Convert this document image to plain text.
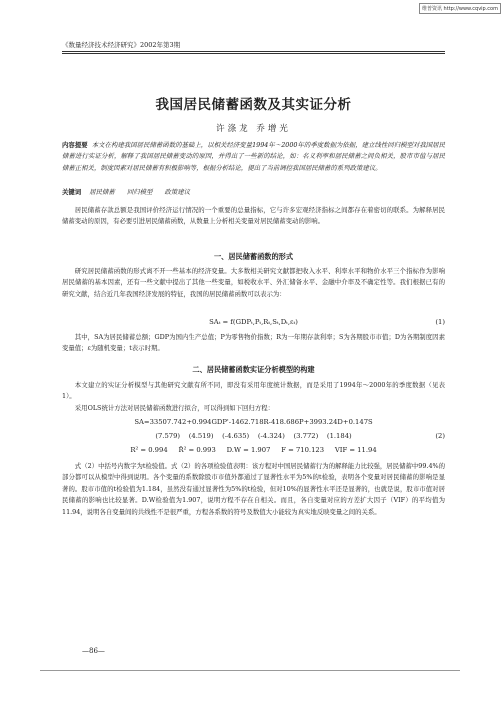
维普资讯 http://www.cqvip.com
《数量经济技术经济研究》2002年第3期
我国居民储蓄函数及其实证分析
许涤龙 乔增光
内容提要 本文在构建我国居民储蓄函数的基础上，以相关经济变量1994年～2000年的季度数据为依据，建立线性回归模型对我国居民储蓄进行实证分析，解释了我国居民储蓄变动的原因，并得出了一些新的结论，如：名义利率和居民储蓄之间负相关，股市市值与居民储蓄正相关，制度因素对居民储蓄有积极影响等，根据分析结论，提出了当前调控我国居民储蓄的系列政策建议。
关键词 居民储蓄 回归模型 政策建议

居民储蓄存款总额是我国评价经济运行情况的一个重要的总量指标，它与许多宏观经济指标之间都存在着密切的联系。为解释居民储蓄变动的原因，有必要引进居民储蓄函数，从数量上分析相关变量对居民储蓄变动的影响。

一、居民储蓄函数的形式

研究居民储蓄函数的形式离不开一些基本的经济变量。大多数相关研究文献都把收入水平、利率水平和物价水平三个指标作为影响居民储蓄的基本因素，还有一些文献中提出了其他一些变量，如税收水平、外汇储备水平、金融中介率及不确定性等。我们根据已有的研究文献，结合近几年我国经济发展的特征，我国的居民储蓄函数可以表示为：

SAₜ = f(GDPₜ,Pₜ,Rₜ,Sₜ,Dₜ,εₜ)	(1)

其中，SA为居民储蓄总额；GDP为国内生产总值；P为零售物价指数；R为一年期存款利率；S为各期股市市值；D为各期制度因素变量值；ε为随机变量；t表示时期。

二、居民储蓄函数实证分析模型的构建

本文建立的实证分析模型与其他研究文献有所不同，即没有采用年度统计数据，而是采用了1994年～2000年的季度数据（见表1）。

采用OLS统计方法对居民储蓄函数进行拟合，可以得到如下回归方程：

SA=33507.742+0.994GDP'-1462.718R-418.686P+3993.24D+0.147S
(7.579)    (4.519)    (-4.635)    (-4.324)    (3.772)    (1.184)	(2)
R² = 0.994     R̄² = 0.993     D.W = 1.907     F = 710.123     VIF = 11.94

式（2）中括号内数字为t检验值。式（2）的各项检验值表明：该方程对中国居民储蓄行为的解释能力比较强，居民储蓄中99.4%的部分都可以从模型中得到说明。各个变量的系数除股市市值外都通过了显著性水平为5%的t检验，表明各个变量对居民储蓄的影响是显著的。股市市值的t检验值为1.184，虽然没有通过显著性为5%的t检验，但对10%的显著性水平还是显著的，也就是说，股市市值对居民储蓄的影响也比较显著。D.W检验值为1.907，说明方程不存在自相关。而且，各自变量对应的方差扩大因子（VIF）的平均值为11.94，说明各自变量间的共线性不是很严重，方程各系数的符号及数值大小能较为真实地反映变量之间的关系。

—86—
